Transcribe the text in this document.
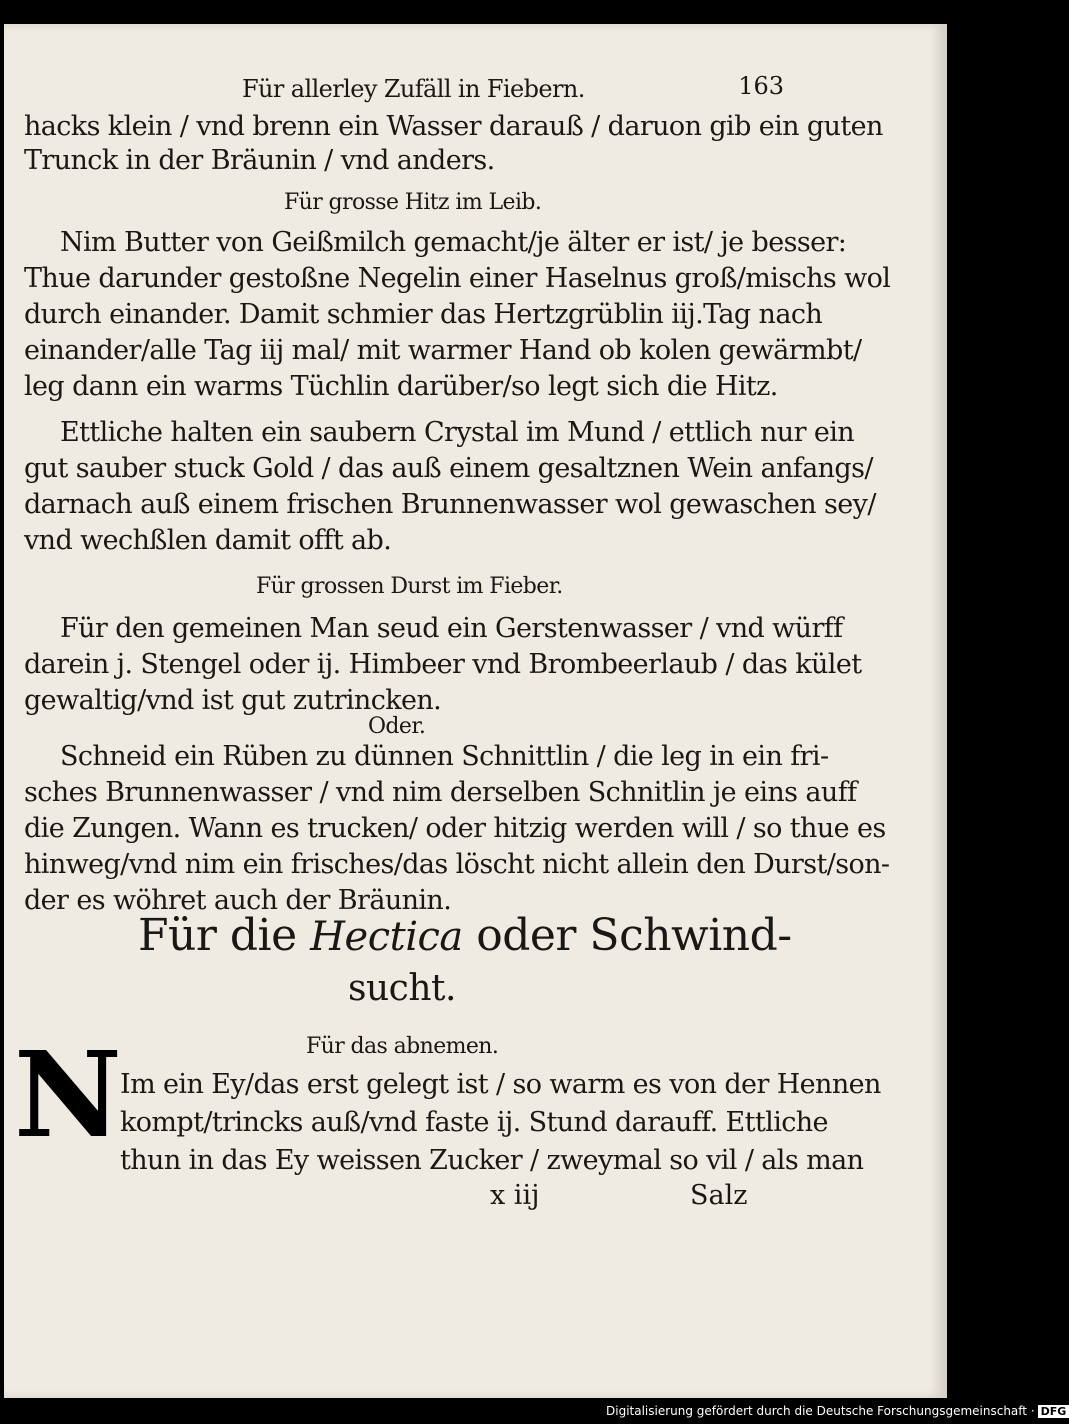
Für allerley Zufäll in Fiebern.	163
hacks klein / vnd brenn ein Wasser darauß / daruon gib ein guten
Trunck in der Bräunin / vnd anders.
Für grosse Hitz im Leib.
Nim Butter von Geißmilch gemacht/je älter er ist/ je besser:
Thue darunder gestoßne Negelin einer Haselnus groß/mischs wol
durch einander. Damit schmier das Hertzgrüblin iij.Tag nach
einander/alle Tag iij mal/ mit warmer Hand ob kolen gewärmbt/
leg dann ein warms Tüchlin darüber/so legt sich die Hitz.
Ettliche halten ein saubern Crystal im Mund / ettlich nur ein
gut sauber stuck Gold / das auß einem gesaltznen Wein anfangs/
darnach auß einem frischen Brunnenwasser wol gewaschen sey/
vnd wechßlen damit offt ab.
Für grossen Durst im Fieber.
Für den gemeinen Man seud ein Gerstenwasser / vnd würff
darein j. Stengel oder ij. Himbeer vnd Brombeerlaub / das kület
gewaltig/vnd ist gut zutrincken.
Oder.
Schneid ein Rüben zu dünnen Schnittlin / die leg in ein fri-
sches Brunnenwasser / vnd nim derselben Schnitlin je eins auff
die Zungen. Wann es trucken/ oder hitzig werden will / so thue es
hinweg/vnd nim ein frisches/das löscht nicht allein den Durst/son-
der es wöhret auch der Bräunin.
Für die Hectica oder Schwind-
sucht.
Für das abnemen.
N
Im ein Ey/das erst gelegt ist / so warm es von der Hennen
kompt/trincks auß/vnd faste ij. Stund darauff. Ettliche
thun in das Ey weissen Zucker / zweymal so vil / als man
x iij	Salz
Digitalisierung gefördert durch die Deutsche Forschungsgemeinschaft · DFG
